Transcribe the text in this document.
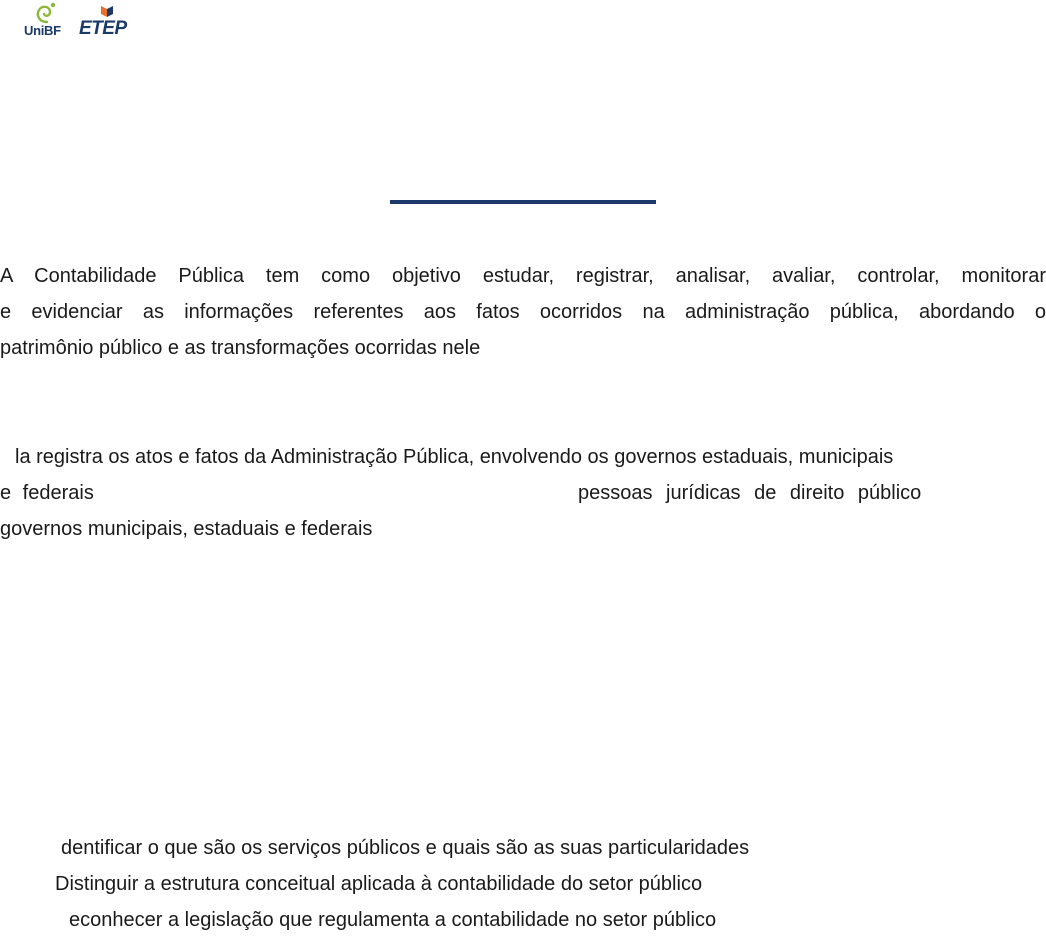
UniBF ETEP

A Contabilidade Pública tem como objetivo estudar, registrar, analisar, avaliar, controlar, monitorar
e evidenciar as informações referentes aos fatos ocorridos na administração pública, abordando o
patrimônio público e as transformações ocorridas nele

la registra os atos e fatos da Administração Pública, envolvendo os governos estaduais, municipais
e federais	pessoas jurídicas de direito público
governos municipais, estaduais e federais
dentificar o que são os serviços públicos e quais são as suas particularidades
Distinguir a estrutura conceitual aplicada à contabilidade do setor público
econhecer a legislação que regulamenta a contabilidade no setor público
